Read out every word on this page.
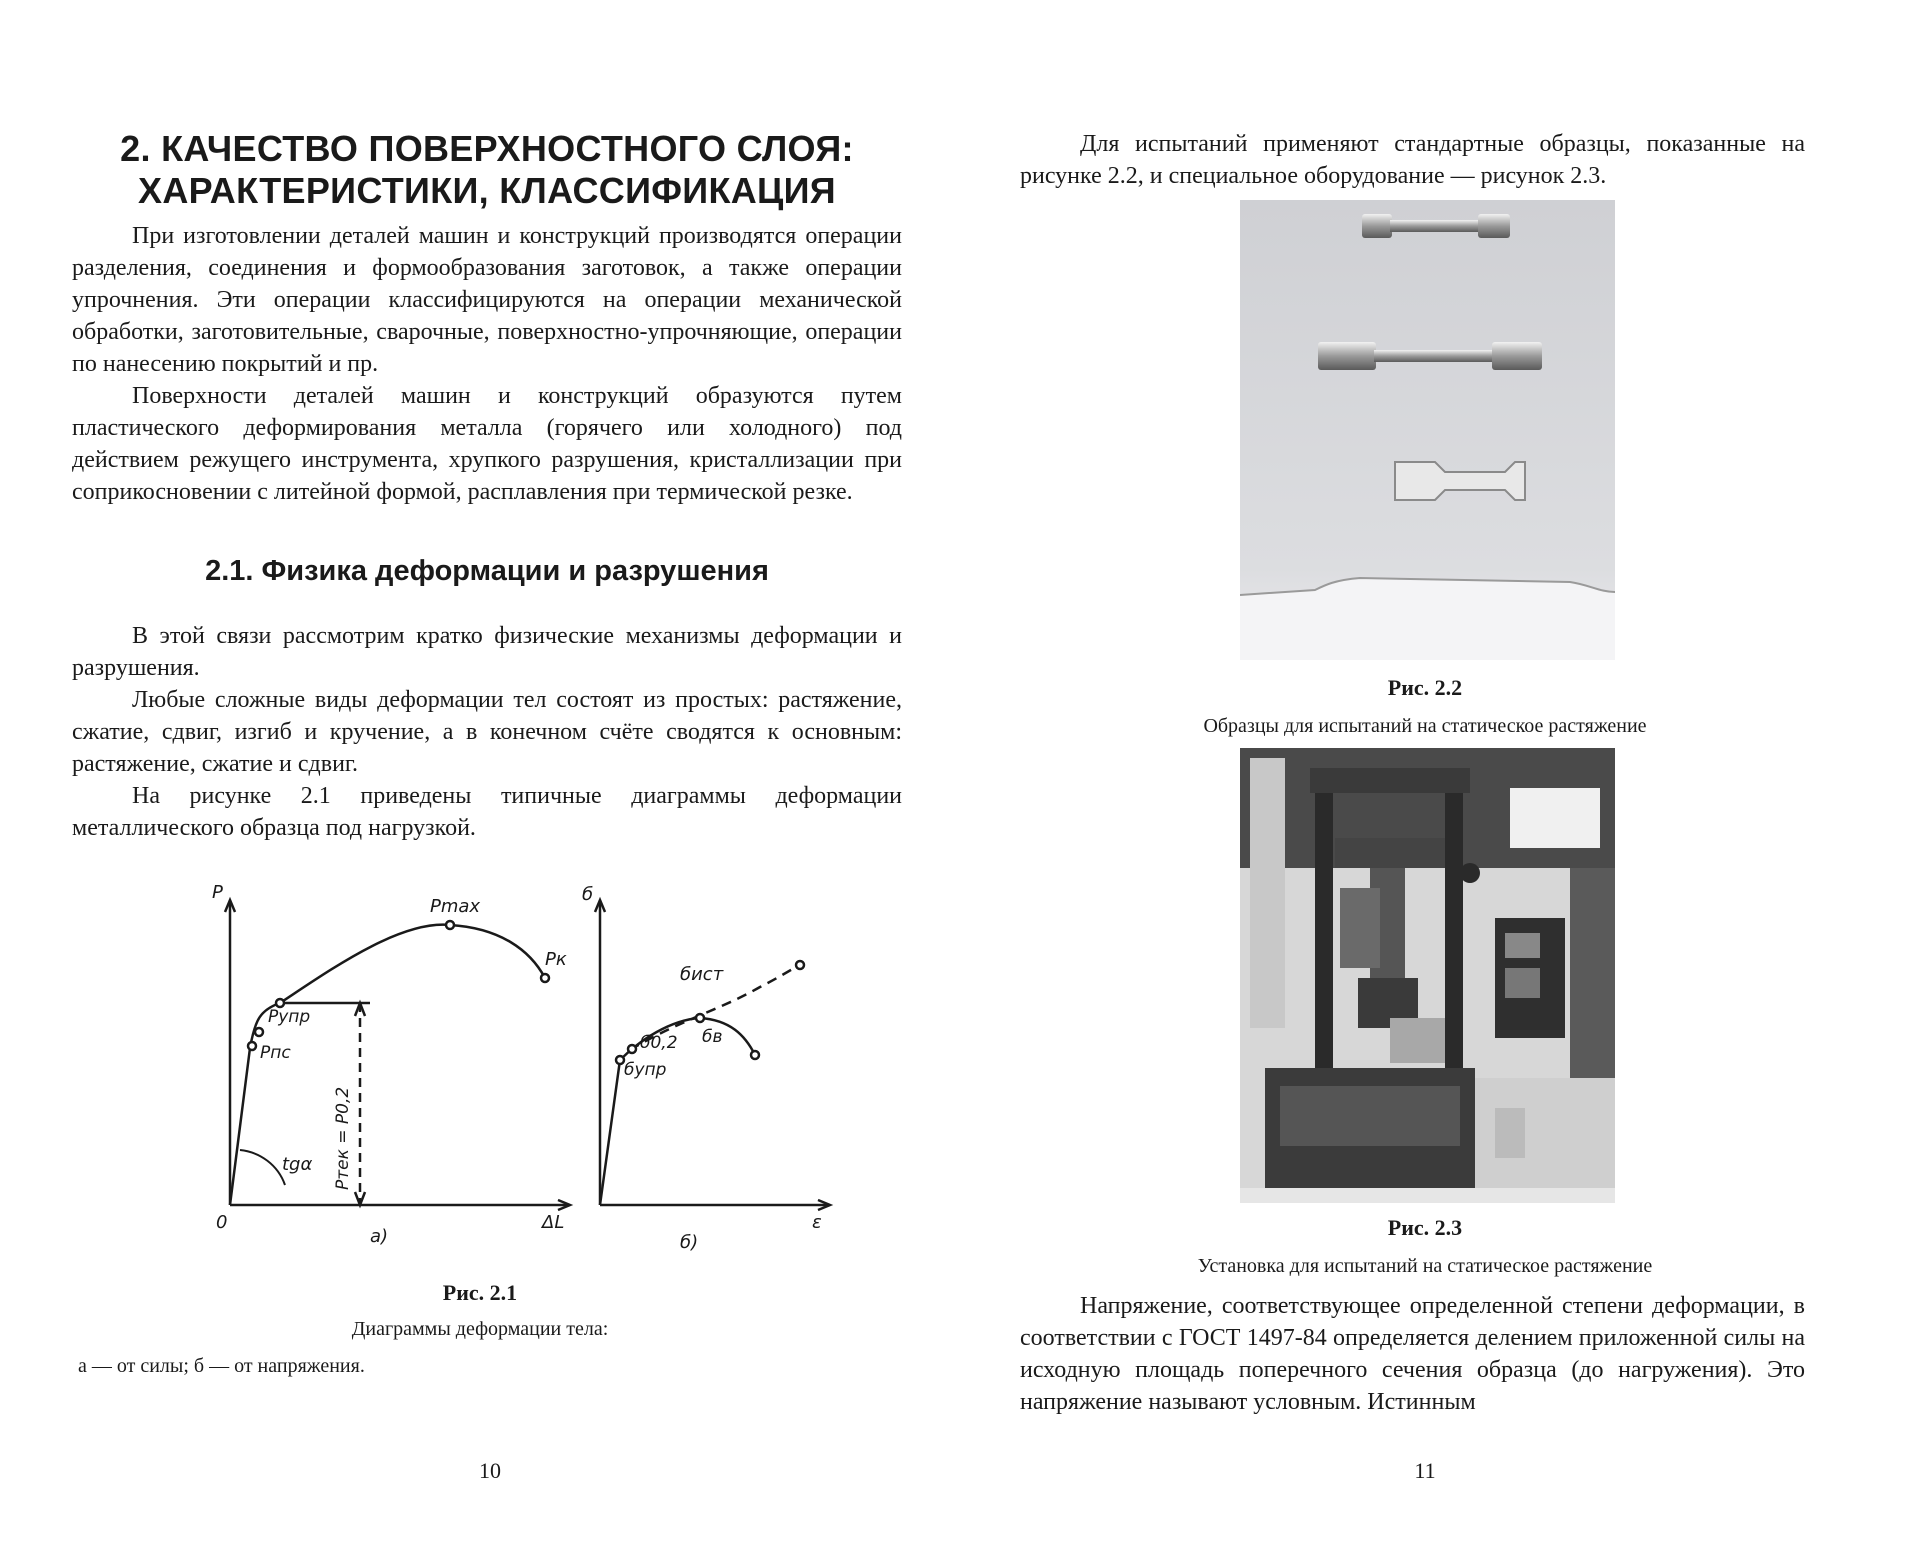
2. КАЧЕСТВО ПОВЕРХНОСТНОГО СЛОЯ:
ХАРАКТЕРИСТИКИ, КЛАССИФИКАЦИЯ

При изготовлении деталей машин и конструкций производятся операции разделения, соединения и формообразования заготовок, а также операции упрочнения. Эти операции классифицируются на операции механической обработки, заготовительные, сварочные, поверхностно-упрочняющие, операции по нанесению покрытий и пр.

Поверхности деталей машин и конструкций образуются путем пластического деформирования металла (горячего или холодного) под действием режущего инструмента, хрупкого разрушения, кристаллизации при соприкосновении с литейной формой, расплавления при термической резке.

2.1. Физика деформации и разрушения

В этой связи рассмотрим кратко физические механизмы деформации и разрушения.

Любые сложные виды деформации тел состоят из простых: растяжение, сжатие, сдвиг, изгиб и кручение, а в конечном счёте сводятся к основным: растяжение, сжатие и сдвиг.

На рисунке 2.1 приведены типичные диаграммы деформации металлического образца под нагрузкой.

P
ΔL
0
Pmax
Pк
Pупр
Pпс
Pтек = P0,2
tgα
а)
б
ε
бист
бв
б0,2
бупр
б)
Рис. 2.1
Диаграммы деформации тела:
а — от силы; б — от напряжения.
10

Для испытаний применяют стандартные образцы, показанные на рисунке 2.2, и специальное оборудование — рисунок 2.3.

Рис. 2.2
Образцы для испытаний на статическое растяжение
Рис. 2.3
Установка для испытаний на статическое растяжение

Напряжение, соответствующее определенной степени деформации, в соответствии с ГОСТ 1497-84 определяется делением приложенной силы на исходную площадь поперечного сечения образца (до нагружения). Это напряжение называют условным. Истинным

11
